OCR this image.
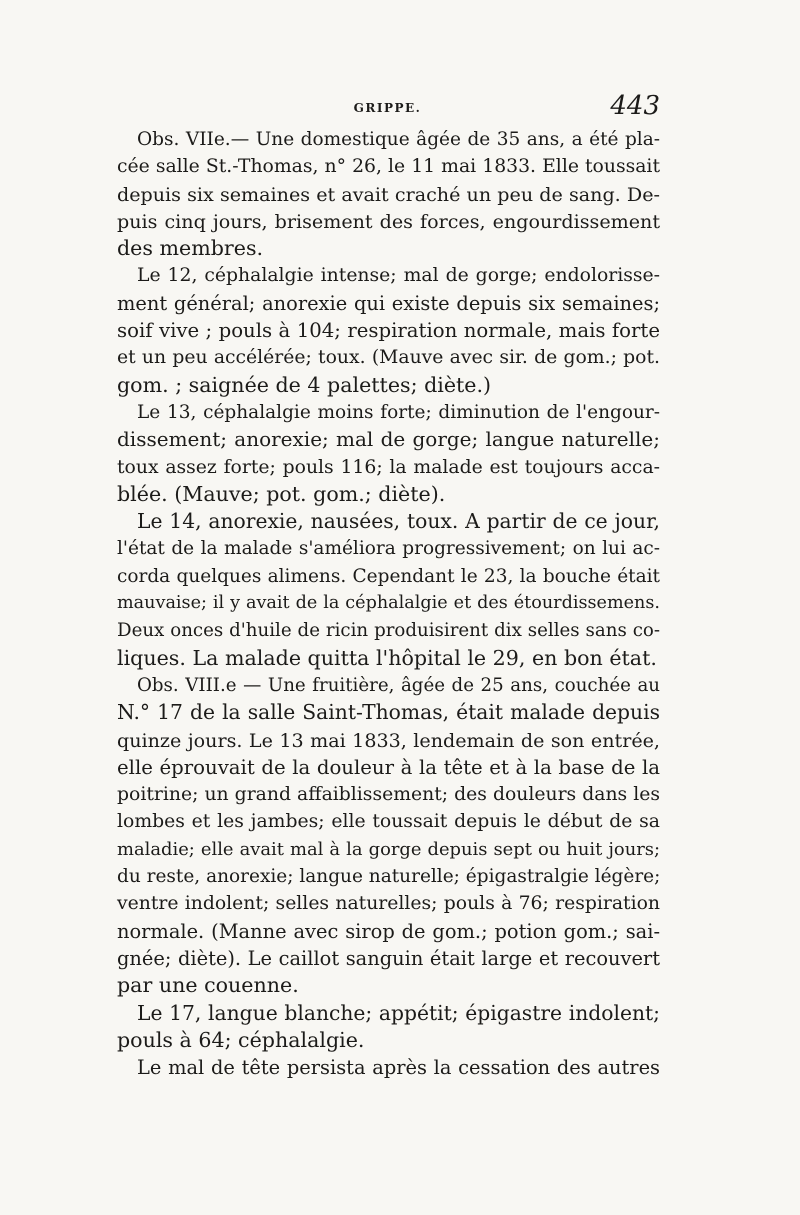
GRIPPE.	443
Obs. VIIe.— Une domestique âgée de 35 ans, a été pla-
cée salle St.-Thomas, n° 26, le 11 mai 1833. Elle toussait
depuis six semaines et avait craché un peu de sang. De-
puis cinq jours, brisement des forces, engourdissement
des membres.
Le 12, céphalalgie intense; mal de gorge; endolorisse-
ment général; anorexie qui existe depuis six semaines;
soif vive ; pouls à 104; respiration normale, mais forte
et un peu accélérée; toux. (Mauve avec sir. de gom.; pot.
gom. ; saignée de 4 palettes; diète.)
Le 13, céphalalgie moins forte; diminution de l'engour-
dissement; anorexie; mal de gorge; langue naturelle;
toux assez forte; pouls 116; la malade est toujours acca-
blée. (Mauve; pot. gom.; diète).
Le 14, anorexie, nausées, toux. A partir de ce jour,
l'état de la malade s'améliora progressivement; on lui ac-
corda quelques alimens. Cependant le 23, la bouche était
mauvaise; il y avait de la céphalalgie et des étourdissemens.
Deux onces d'huile de ricin produisirent dix selles sans co-
liques. La malade quitta l'hôpital le 29, en bon état.
Obs. VIII.e — Une fruitière, âgée de 25 ans, couchée au
N.° 17 de la salle Saint-Thomas, était malade depuis
quinze jours. Le 13 mai 1833, lendemain de son entrée,
elle éprouvait de la douleur à la tête et à la base de la
poitrine; un grand affaiblissement; des douleurs dans les
lombes et les jambes; elle toussait depuis le début de sa
maladie; elle avait mal à la gorge depuis sept ou huit jours;
du reste, anorexie; langue naturelle; épigastralgie légère;
ventre indolent; selles naturelles; pouls à 76; respiration
normale. (Manne avec sirop de gom.; potion gom.; sai-
gnée; diète). Le caillot sanguin était large et recouvert
par une couenne.
Le 17, langue blanche; appétit; épigastre indolent;
pouls à 64; céphalalgie.
Le mal de tête persista après la cessation des autres
